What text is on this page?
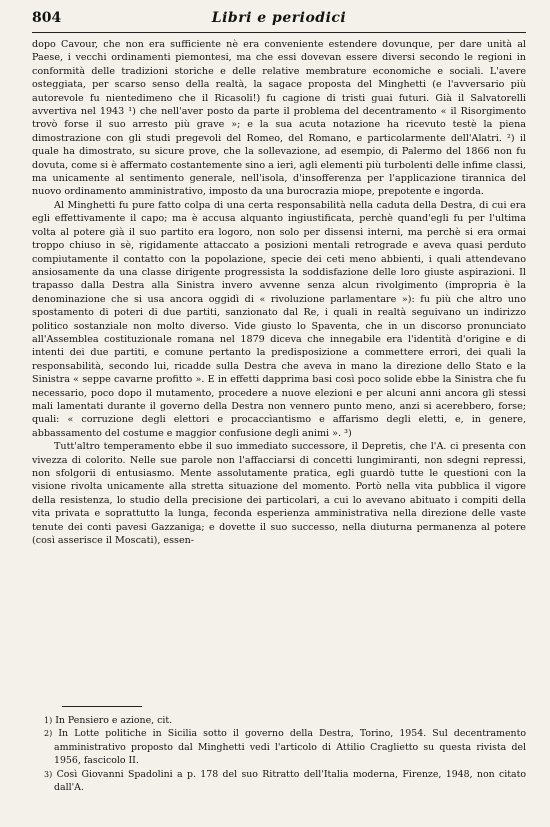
804	Libri e periodici

dopo Cavour, che non era sufficiente nè era conveniente estendere dovunque, per dare unità al Paese, i vecchi ordinamenti piemontesi, ma che essi dovevan essere diversi secondo le regioni in conformità delle tradizioni storiche e delle relative membrature economiche e sociali. L'avere osteggiata, per scarso senso della realtà, la sagace proposta del Minghetti (e l'avversario più autorevole fu nientedimeno che il Ricasoli!) fu cagione di tristi guai futuri. Già il Salvatorelli avvertiva nel 1943 ¹) che nell'aver posto da parte il problema del decentramento « il Risorgimento trovò forse il suo arresto più grave »; e la sua acuta notazione ha ricevuto testè la piena dimostrazione con gli studi pregevoli del Romeo, del Romano, e particolarmente dell'Alatri. ²) il quale ha dimostrato, su sicure prove, che la sollevazione, ad esempio, di Palermo del 1866 non fu dovuta, come si è affermato costantemente sino a ieri, agli elementi più turbolenti delle infime classi, ma unicamente al sentimento generale, nell'isola, d'insofferenza per l'applicazione tirannica del nuovo ordinamento amministrativo, imposto da una burocrazia miope, prepotente e ingorda.

Al Minghetti fu pure fatto colpa di una certa responsabilità nella caduta della Destra, di cui era egli effettivamente il capo; ma è accusa alquanto ingiustificata, perchè quand'egli fu per l'ultima volta al potere già il suo partito era logoro, non solo per dissensi interni, ma perchè si era ormai troppo chiuso in sè, rigidamente attaccato a posizioni mentali retrograde e aveva quasi perduto compiutamente il contatto con la popolazione, specie dei ceti meno abbienti, i quali attendevano ansiosamente da una classe dirigente progressista la soddisfazione delle loro giuste aspirazioni. Il trapasso dalla Destra alla Sinistra invero avvenne senza alcun rivolgimento (impropria è la denominazione che si usa ancora oggidì di « rivoluzione parlamentare »): fu più che altro uno spostamento di poteri di due partiti, sanzionato dal Re, i quali in realtà seguivano un indirizzo politico sostanziale non molto diverso. Vide giusto lo Spaventa, che in un discorso pronunciato all'Assemblea costituzionale romana nel 1879 diceva che innegabile era l'identità d'origine e di intenti dei due partiti, e comune pertanto la predisposizione a commettere errori, dei quali la responsabilità, secondo lui, ricadde sulla Destra che aveva in mano la direzione dello Stato e la Sinistra « seppe cavarne profitto ». E in effetti dapprima basi così poco solide ebbe la Sinistra che fu necessario, poco dopo il mutamento, procedere a nuove elezioni e per alcuni anni ancora gli stessi mali lamentati durante il governo della Destra non vennero punto meno, anzi si acerebbero, forse; quali: « corruzione degli elettori e procaccìantismo e affarismo degli eletti, e, in genere, abbassamento del costume e maggior confusione degli animi ». ³)

Tutt'altro temperamento ebbe il suo immediato successore, il Depretis, che l'A. ci presenta con vivezza di colorito. Nelle sue parole non l'affacciarsi di concetti lungimiranti, non sdegni repressi, non sfolgorii di entusiasmo. Mente assolutamente pratica, egli guardò tutte le questioni con la visione rivolta unicamente alla stretta situazione del momento. Portò nella vita pubblica il vigore della resistenza, lo studio della precisione dei particolari, a cui lo avevano abituato i compiti della vita privata e soprattutto la lunga, feconda esperienza amministrativa nella direzione delle vaste tenute dei conti pavesi Gazzaniga; e dovette il suo successo, nella diuturna permanenza al potere (così asserisce il Moscati), essen-

1) In Pensiero e azione, cit.

2) In Lotte politiche in Sicilia sotto il governo della Destra, Torino, 1954. Sul decentramento amministrativo proposto dal Minghetti vedi l'articolo di Attilio Craglietto su questa rivista del 1956, fascicolo II.

3) Così Giovanni Spadolini a p. 178 del suo Ritratto dell'Italia moderna, Firenze, 1948, non citato dall'A.
